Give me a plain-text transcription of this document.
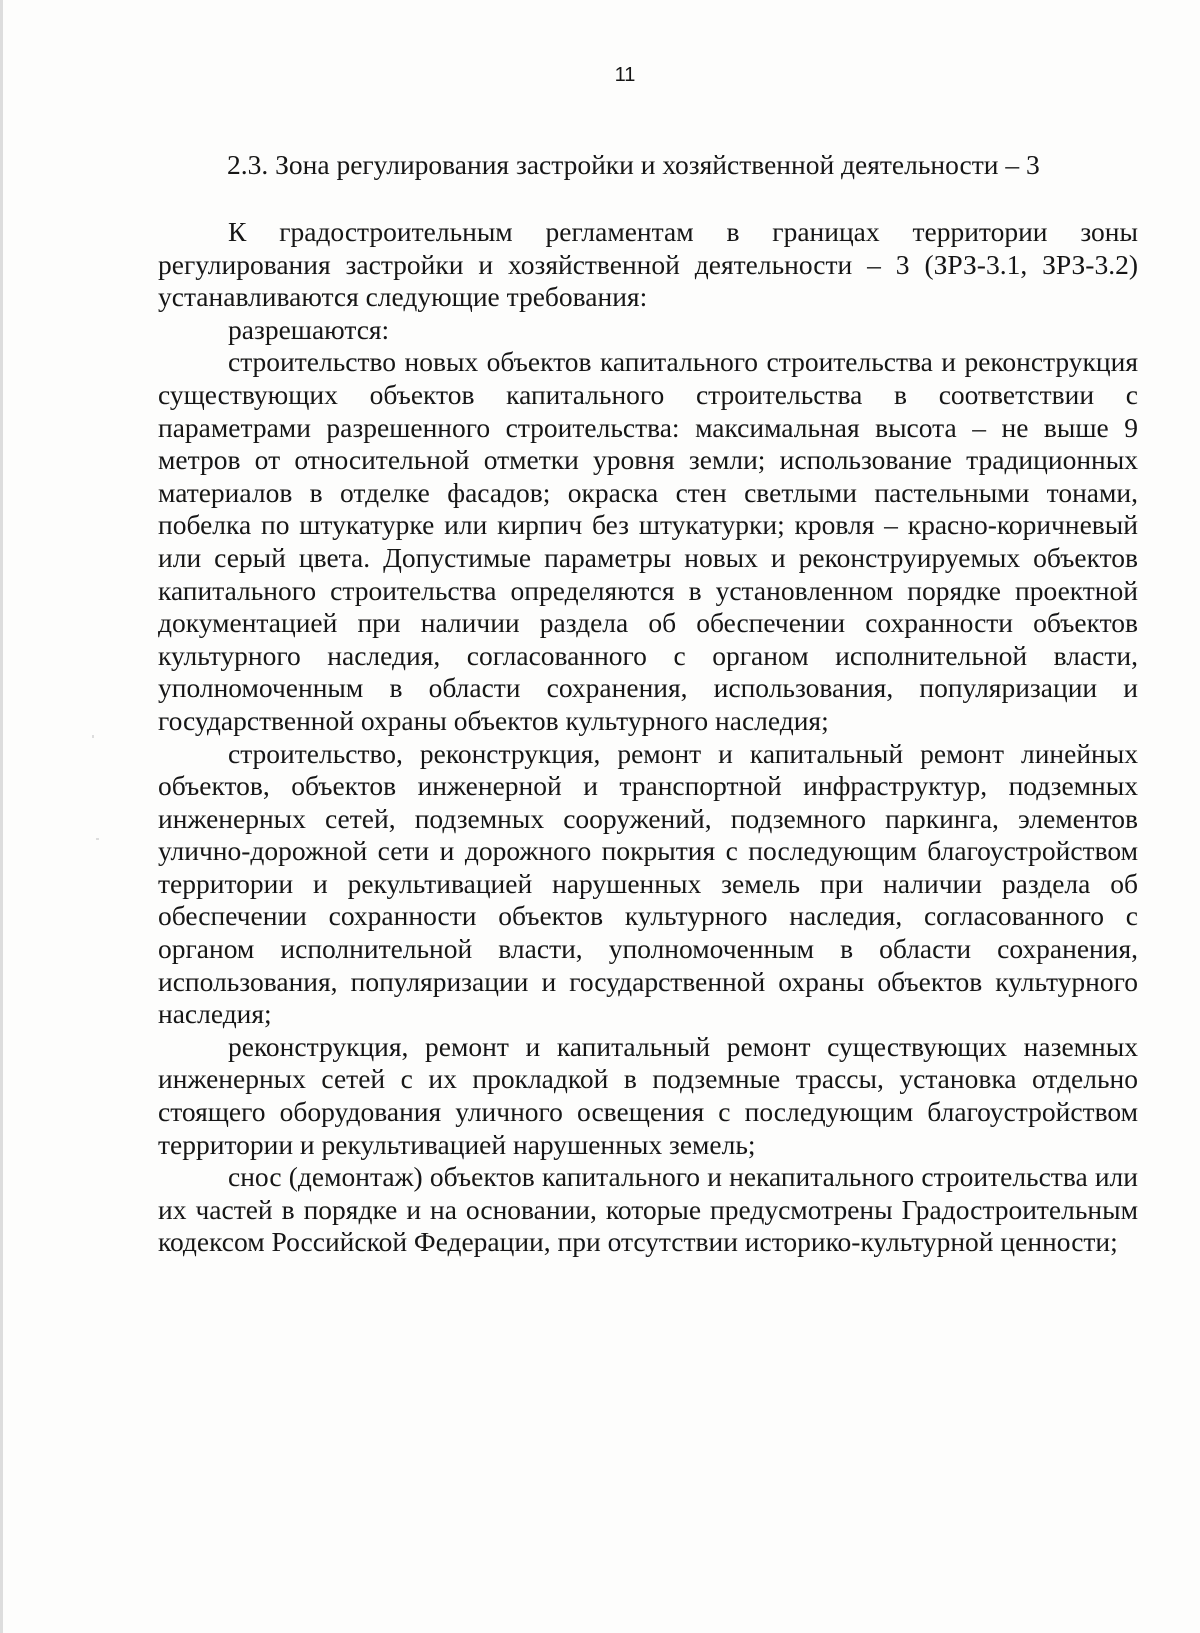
11
2.3. Зона регулирования застройки и хозяйственной деятельности – 3

К градостроительным регламентам в границах территории зоны регулирования застройки и хозяйственной деятельности – 3 (ЗРЗ-3.1, ЗРЗ-3.2) устанавливаются следующие требования:

разрешаются:

строительство новых объектов капитального строительства и реконструкция существующих объектов капитального строительства в соответствии с параметрами разрешенного строительства: максимальная высота – не выше 9 метров от относительной отметки уровня земли; использование традиционных материалов в отделке фасадов; окраска стен светлыми пастельными тонами, побелка по штукатурке или кирпич без штукатурки; кровля – красно-коричневый или серый цвета. Допустимые параметры новых и реконструируемых объектов капитального строительства определяются в установленном порядке проектной документацией при наличии раздела об обеспечении сохранности объектов культурного наследия, согласованного с органом исполнительной власти, уполномоченным в области сохранения, использования, популяризации и государственной охраны объектов культурного наследия;

строительство, реконструкция, ремонт и капитальный ремонт линейных объектов, объектов инженерной и транспортной инфраструктур, подземных инженерных сетей, подземных сооружений, подземного паркинга, элементов улично-дорожной сети и дорожного покрытия с последующим благоустройством территории и рекультивацией нарушенных земель при наличии раздела об обеспечении сохранности объектов культурного наследия, согласованного с органом исполнительной власти, уполномоченным в области сохранения, использования, популяризации и государственной охраны объектов культурного наследия;

реконструкция, ремонт и капитальный ремонт существующих наземных инженерных сетей с их прокладкой в подземные трассы, установка отдельно стоящего оборудования уличного освещения с последующим благоустройством территории и рекультивацией нарушенных земель;

снос (демонтаж) объектов капитального и некапитального строительства или их частей в порядке и на основании, которые предусмотрены Градостроительным кодексом Российской Федерации, при отсутствии историко-культурной ценности;
